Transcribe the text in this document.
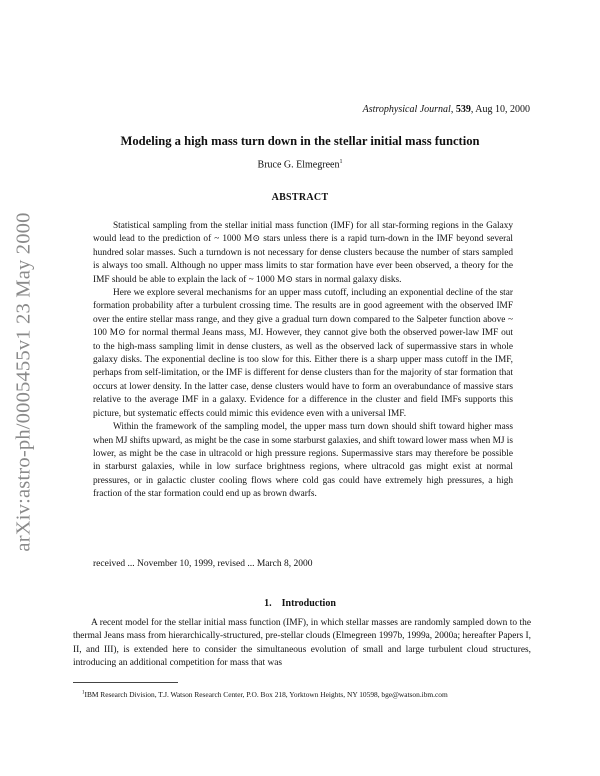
arXiv:astro-ph/0005455v1 23 May 2000
Astrophysical Journal, 539, Aug 10, 2000
Modeling a high mass turn down in the stellar initial mass function
Bruce G. Elmegreen$^1$
ABSTRACT

Statistical sampling from the stellar initial mass function (IMF) for all star-forming regions in the Galaxy would lead to the prediction of ~ 1000 M⊙ stars unless there is a rapid turn-down in the IMF beyond several hundred solar masses. Such a turndown is not necessary for dense clusters because the number of stars sampled is always too small. Although no upper mass limits to star formation have ever been observed, a theory for the IMF should be able to explain the lack of ~ 1000 M⊙ stars in normal galaxy disks.

Here we explore several mechanisms for an upper mass cutoff, including an exponential decline of the star formation probability after a turbulent crossing time. The results are in good agreement with the observed IMF over the entire stellar mass range, and they give a gradual turn down compared to the Salpeter function above ~ 100 M⊙ for normal thermal Jeans mass, MJ. However, they cannot give both the observed power-law IMF out to the high-mass sampling limit in dense clusters, as well as the observed lack of supermassive stars in whole galaxy disks. The exponential decline is too slow for this. Either there is a sharp upper mass cutoff in the IMF, perhaps from self-limitation, or the IMF is different for dense clusters than for the majority of star formation that occurs at lower density. In the latter case, dense clusters would have to form an overabundance of massive stars relative to the average IMF in a galaxy. Evidence for a difference in the cluster and field IMFs supports this picture, but systematic effects could mimic this evidence even with a universal IMF.

Within the framework of the sampling model, the upper mass turn down should shift toward higher mass when MJ shifts upward, as might be the case in some starburst galaxies, and shift toward lower mass when MJ is lower, as might be the case in ultracold or high pressure regions. Supermassive stars may therefore be possible in starburst galaxies, while in low surface brightness regions, where ultracold gas might exist at normal pressures, or in galactic cluster cooling flows where cold gas could have extremely high pressures, a high fraction of the star formation could end up as brown dwarfs.

received ... November 10, 1999, revised ... March 8, 2000
1. Introduction

A recent model for the stellar initial mass function (IMF), in which stellar masses are randomly sampled down to the thermal Jeans mass from hierarchically-structured, pre-stellar clouds (Elmegreen 1997b, 1999a, 2000a; hereafter Papers I, II, and III), is extended here to consider the simultaneous evolution of small and large turbulent cloud structures, introducing an additional competition for mass that was

$^1$IBM Research Division, T.J. Watson Research Center, P.O. Box 218, Yorktown Heights, NY 10598, bge@watson.ibm.com
